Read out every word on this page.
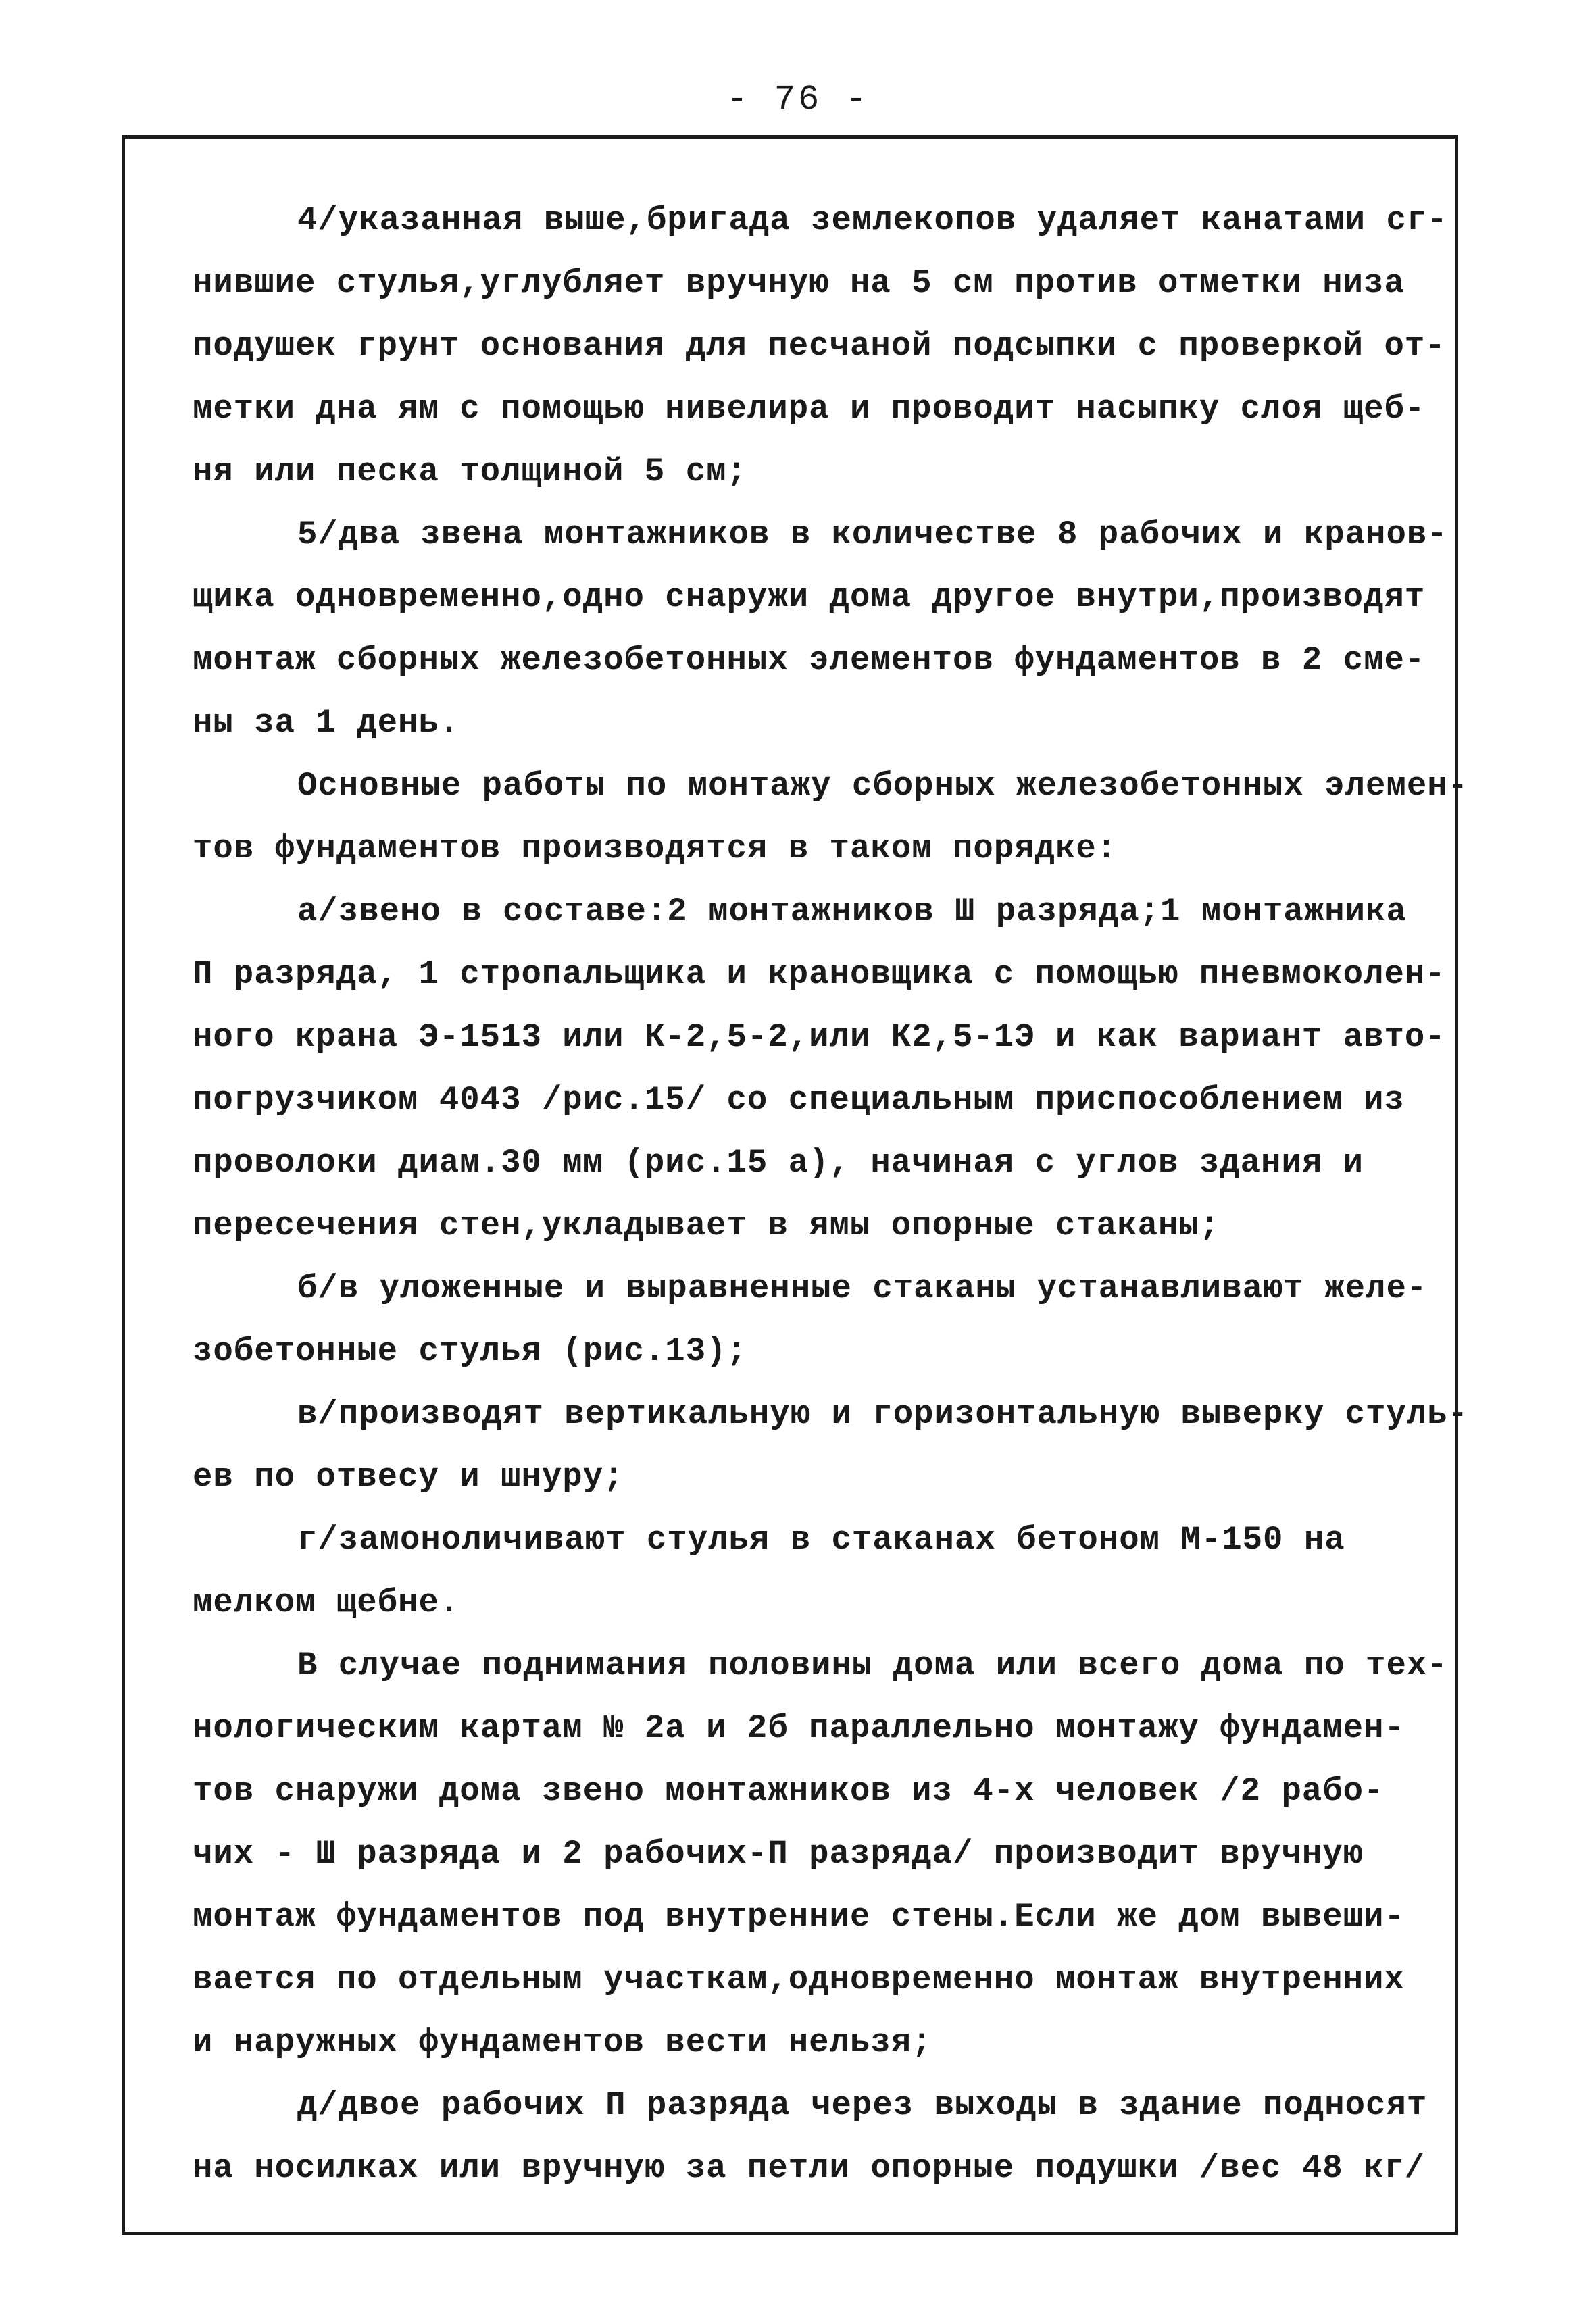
- 76 -
4/указанная выше,бригада землекопов удаляет канатами сг-
нившие стулья,углубляет вручную на 5 см против отметки низа
подушек грунт основания для песчаной подсыпки с проверкой от-
метки дна ям с помощью нивелира и проводит насыпку слоя щеб-
ня или песка толщиной 5 см;
5/два звена монтажников в количестве 8 рабочих и кранов-
щика одновременно,одно снаружи дома другое внутри,производят
монтаж сборных железобетонных элементов фундаментов в 2 сме-
ны за 1 день.
Основные работы по монтажу сборных железобетонных элемен-
тов фундаментов производятся в таком порядке:
а/звено в составе:2 монтажников Ш разряда;1 монтажника
П разряда, 1 стропальщика и крановщика с помощью пневмоколен-
ного крана Э-1513 или К-2,5-2,или К2,5-1Э и как вариант авто-
погрузчиком 4043 /рис.15/ со специальным приспособлением из
проволоки диам.30 мм (рис.15 а), начиная с углов здания и
пересечения стен,укладывает в ямы опорные стаканы;
б/в уложенные и выравненные стаканы устанавливают желе-
зобетонные стулья (рис.13);
в/производят вертикальную и горизонтальную выверку стуль-
ев по отвесу и шнуру;
г/замоноличивают стулья в стаканах бетоном М-150 на
мелком щебне.
В случае поднимания половины дома или всего дома по тех-
нологическим картам № 2а и 2б параллельно монтажу фундамен-
тов снаружи дома звено монтажников из 4-х человек /2 рабо-
чих - Ш разряда и 2 рабочих-П разряда/ производит вручную
монтаж фундаментов под внутренние стены.Если же дом вывеши-
вается по отдельным участкам,одновременно монтаж внутренних
и наружных фундаментов вести нельзя;
д/двое рабочих П разряда через выходы в здание подносят
на носилках или вручную за петли опорные подушки /вес 48 кг/
